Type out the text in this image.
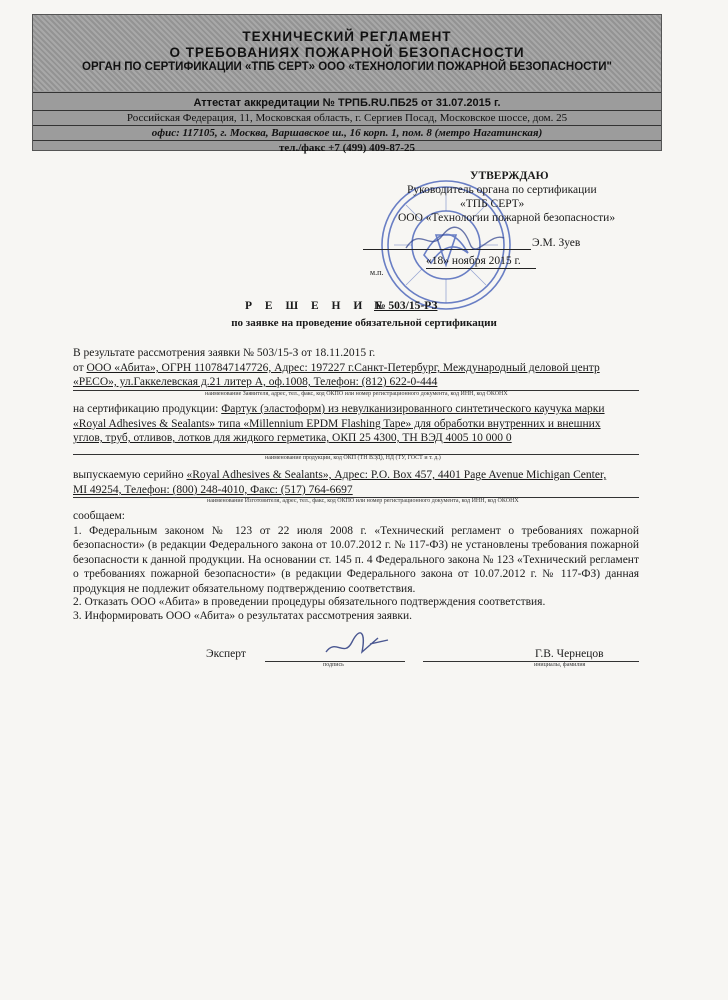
ТЕХНИЧЕСКИЙ РЕГЛАМЕНТ
О ТРЕБОВАНИЯХ ПОЖАРНОЙ БЕЗОПАСНОСТИ
ОРГАН ПО СЕРТИФИКАЦИИ «ТПБ СЕРТ» ООО «ТЕХНОЛОГИИ ПОЖАРНОЙ БЕЗОПАСНОСТИ"
Аттестат аккредитации № ТРПБ.RU.ПБ25 от 31.07.2015 г.
Российская Федерация, 11, Московская область, г. Сергиев Посад, Московское шоссе, дом. 25
офис: 117105, г. Москва, Варшавское ш., 16 корп. 1, пом. 8 (метро Нагатинская)
тел./факс +7 (499) 409-87-25
УТВЕРЖДАЮ
Руководитель органа по сертификации
«ТПБ СЕРТ»
ООО «Технологии пожарной безопасности»
Э.М. Зуев
«18» ноября 2015 г.
м.п.
Р Е Ш Е Н И Е
№ 503/15-РЗ
по заявке на проведение обязательной сертификации
В результате рассмотрения заявки № 503/15-З от 18.11.2015 г.
от ООО «Абита», ОГРН 1107847147726, Адрес: 197227 г.Санкт-Петербург, Международный деловой центр
«РЕСО», ул.Гаккелевская д.21 литер А, оф.1008, Телефон: (812) 622-0-444
наименование Заявителя, адрес, тел., факс, код ОКПО или номер регистрационного документа, код ИНН, код ОКОНХ
на сертификацию продукции: Фартук (эластоформ) из невулканизированного синтетического каучука марки
«Royal Adhesives & Sealants» типа «Millennium EPDM Flashing Tape» для обработки внутренних и внешних
углов, труб, отливов, лотков для жидкого герметика, ОКП 25 4300, ТН ВЭД 4005 10 000 0
наименование продукции, код ОКП (ТН ВЭД), НД (ТУ, ГОСТ и т. д.)
выпускаемую серийно «Royal Adhesives & Sealants», Адрес: P.O. Box 457, 4401 Page Avenue Michigan Center,
MI 49254, Телефон: (800) 248-4010, Факс: (517) 764-6697
наименование Изготовителя, адрес, тел., факс, код ОКПО или номер регистрационного документа, код ИНН, код ОКОНХ
сообщаем:
1. Федеральным законом № 123 от 22 июля 2008 г. «Технический регламент о требованиях пожарной безопасности» (в редакции Федерального закона от 10.07.2012 г. № 117-ФЗ) не установлены требования пожарной безопасности к данной продукции. На основании ст. 145 п. 4 Федерального закона № 123 «Технический регламент о требованиях пожарной безопасности» (в редакции Федерального закона от 10.07.2012 г. № 117-ФЗ) данная продукция не подлежит обязательному подтверждению соответствия.
2. Отказать ООО «Абита» в проведении процедуры обязательного подтверждения соответствия.
3. Информировать ООО «Абита» о результатах рассмотрения заявки.
Эксперт
подпись
Г.В. Чернецов
инициалы, фамилия
